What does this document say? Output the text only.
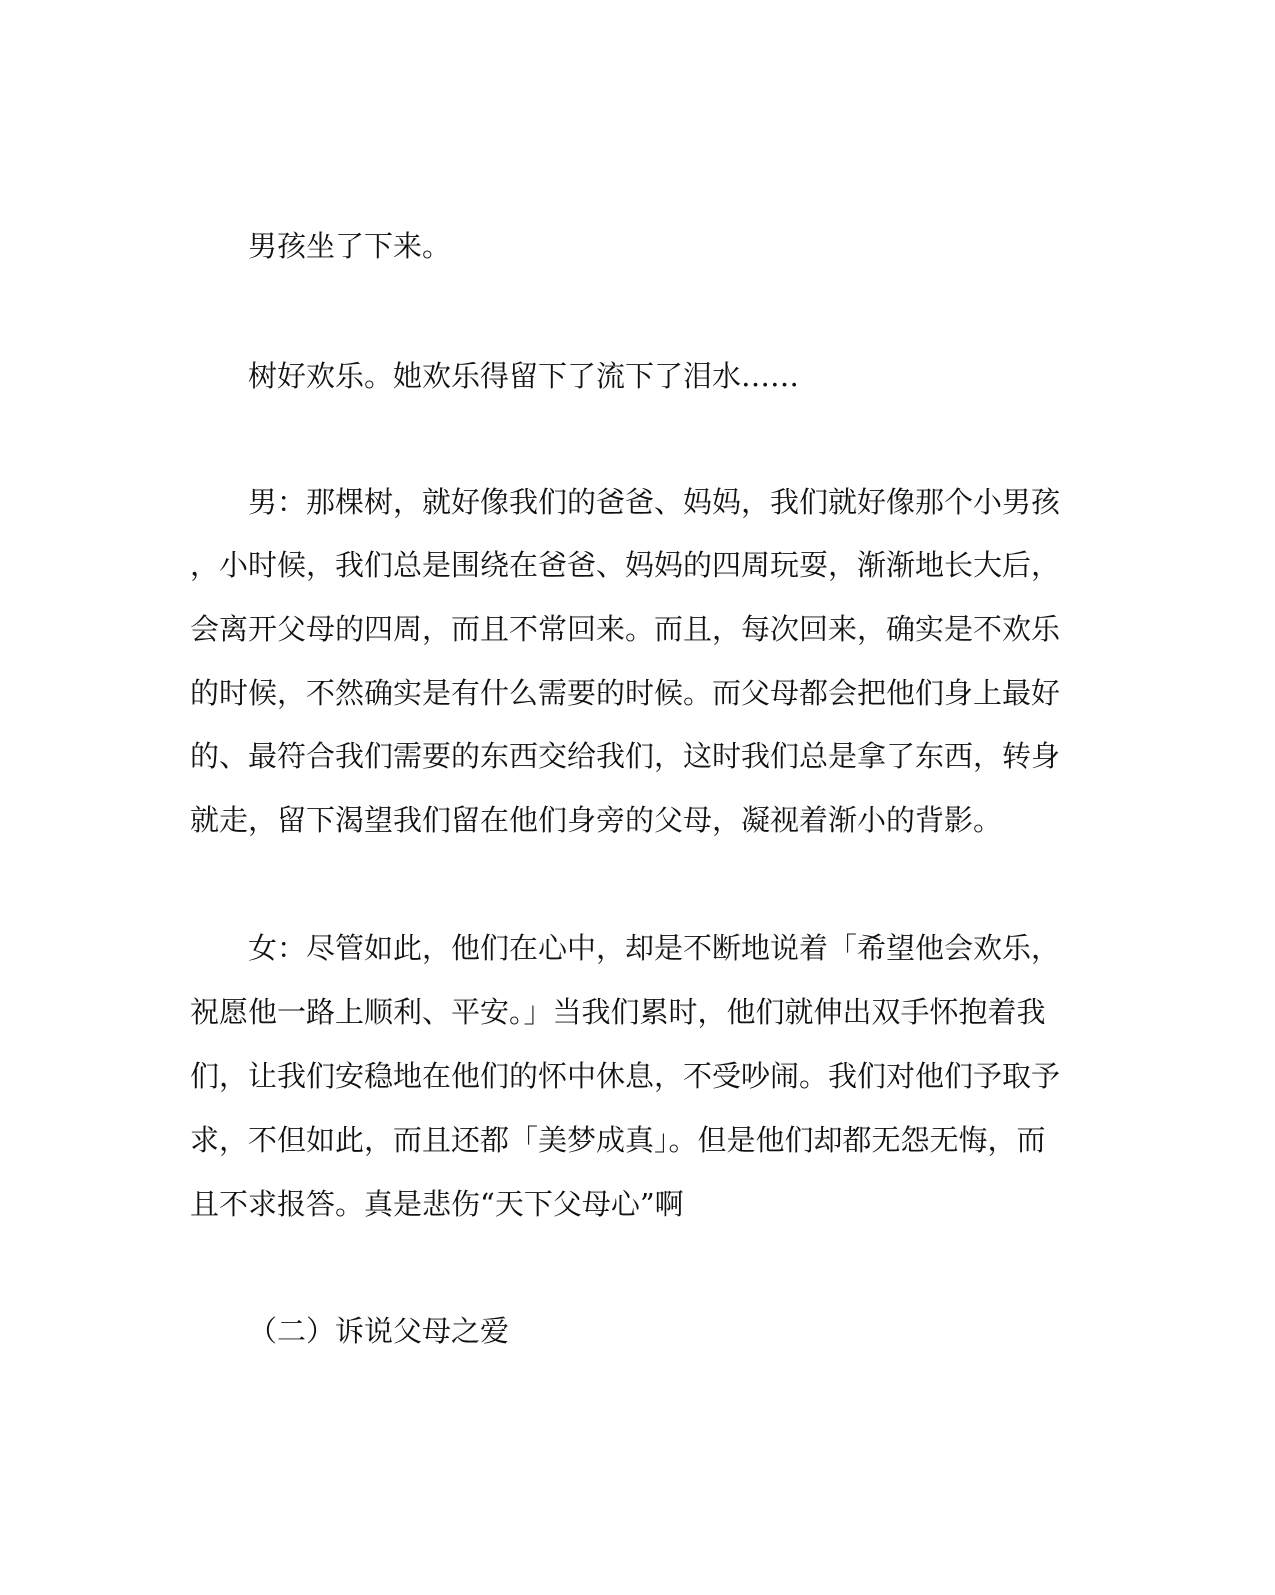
男孩坐了下来。
树好欢乐。她欢乐得留下了流下了泪水……
男：那棵树，就好像我们的爸爸、妈妈，我们就好像那个小男孩
，小时候，我们总是围绕在爸爸、妈妈的四周玩耍，渐渐地长大后，
会离开父母的四周，而且不常回来。而且，每次回来，确实是不欢乐
的时候，不然确实是有什么需要的时候。而父母都会把他们身上最好
的、最符合我们需要的东西交给我们，这时我们总是拿了东西，转身
就走，留下渴望我们留在他们身旁的父母，凝视着渐小的背影。
女：尽管如此，他们在心中，却是不断地说着「希望他会欢乐，
祝愿他一路上顺利、平安。」当我们累时，他们就伸出双手怀抱着我
们，让我们安稳地在他们的怀中休息，不受吵闹。我们对他们予取予
求，不但如此，而且还都「美梦成真」。但是他们却都无怨无悔，而
且不求报答。真是悲伤“天下父母心”啊
（二）诉说父母之爱
